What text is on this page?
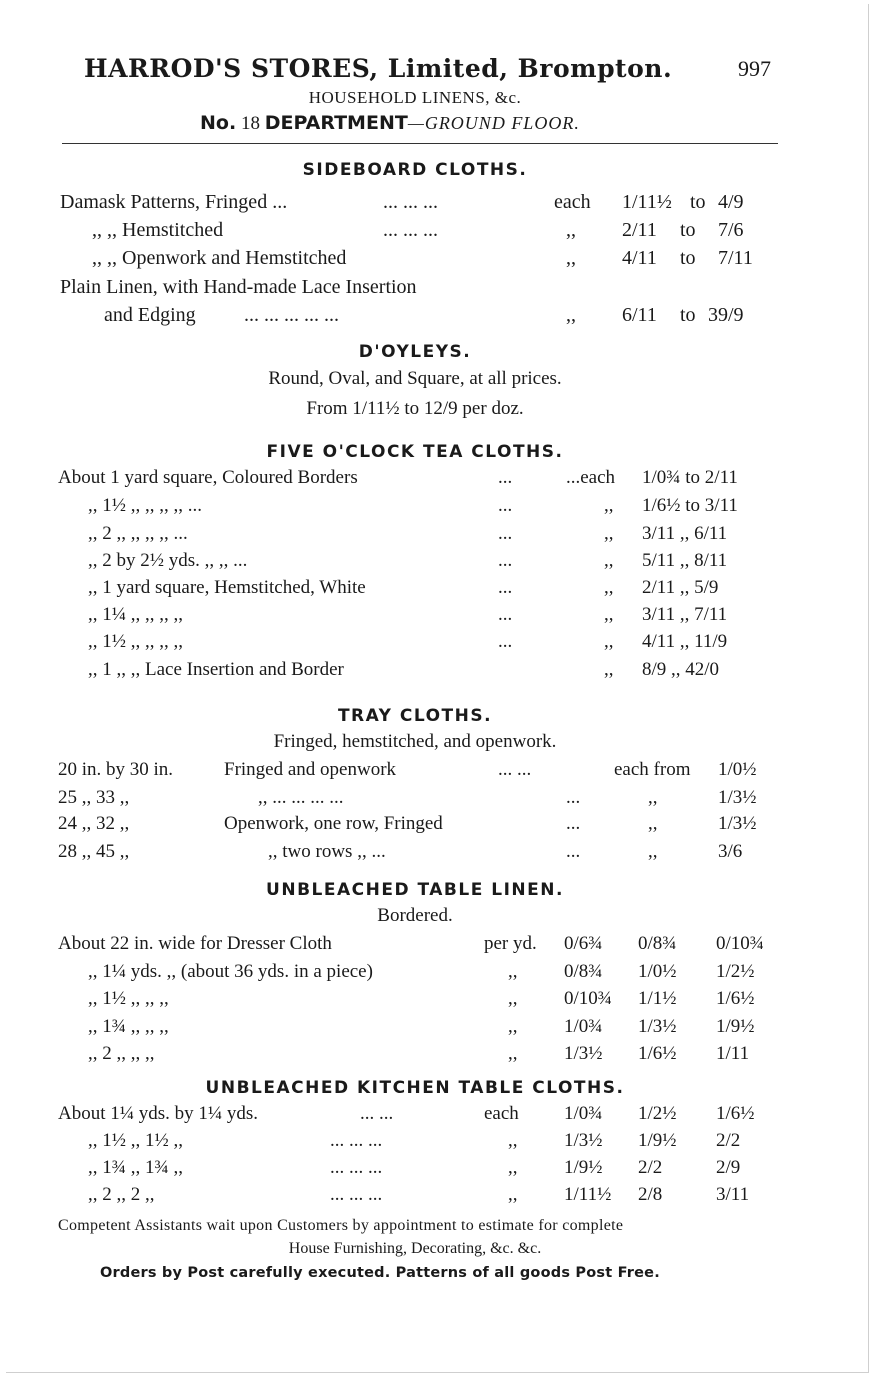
HARROD'S STORES, Limited, Brompton.	997
HOUSEHOLD LINENS, &c.
No. 18 DEPARTMENT—GROUND FLOOR.
SIDEBOARD CLOTHS.
Damask Patterns, Fringed ...	... ... ...	each 1/11½ to 4/9
,, ,, Hemstitched	... ... ...	,, 2/11 to 7/6
,, ,, Openwork and Hemstitched	,, 4/11 to 7/11
Plain Linen, with Hand-made Lace Insertion
and Edging ... ... ... ... ...	,, 6/11 to 39/9
D'OYLEYS.
Round, Oval, and Square, at all prices.
From 1/11½ to 12/9 per doz.
FIVE O'CLOCK TEA CLOTHS.
About 1 yard square, Coloured Borders	...	...each 1/0¾ to 2/11
,, 1½ ,, ,, ,, ,, ...	...	,, 1/6½ to 3/11
,, 2 ,, ,, ,, ,, ...	...	,, 3/11 ,, 6/11
,, 2 by 2½ yds. ,, ,, ...	...	,, 5/11 ,, 8/11
,, 1 yard square, Hemstitched, White	...	,, 2/11 ,, 5/9
,, 1¼ ,, ,, ,, ,,	...	,, 3/11 ,, 7/11
,, 1½ ,, ,, ,, ,,	...	,, 4/11 ,, 11/9
,, 1 ,, ,, Lace Insertion and Border	,, 8/9 ,, 42/0
TRAY CLOTHS.
Fringed, hemstitched, and openwork.
20 in. by 30 in.	Fringed and openwork	... ...	each from 1/0½
25 ,, 33 ,,	,, ... ... ... ...	...	,,	1/3½
24 ,, 32 ,,	Openwork, one row, Fringed	...	,,	1/3½
28 ,, 45 ,,	,, two rows ,, ...	...	,,	3/6
UNBLEACHED TABLE LINEN.
Bordered.
About 22 in. wide for Dresser Cloth	per yd. 0/6¾ 0/8¾ 0/10¾
,, 1¼ yds. ,, (about 36 yds. in a piece)	,, 0/8¾ 1/0½ 1/2½
,, 1½ ,, ,, ,,	,, 0/10¾ 1/1½ 1/6½
,, 1¾ ,, ,, ,,	,, 1/0¾ 1/3½ 1/9½
,, 2 ,, ,, ,,	,, 1/3½ 1/6½ 1/11
UNBLEACHED KITCHEN TABLE CLOTHS.
About 1¼ yds. by 1¼ yds.	... ...	each 1/0¾ 1/2½ 1/6½
,, 1½ ,, 1½ ,,	... ... ...	,, 1/3½ 1/9½ 2/2
,, 1¾ ,, 1¾ ,,	... ... ...	,, 1/9½ 2/2	2/9
,, 2 ,, 2 ,,	... ... ...	,, 1/11½ 2/8	3/11
Competent Assistants wait upon Customers by appointment to estimate for complete
House Furnishing, Decorating, &c. &c.
Orders by Post carefully executed. Patterns of all goods Post Free.
